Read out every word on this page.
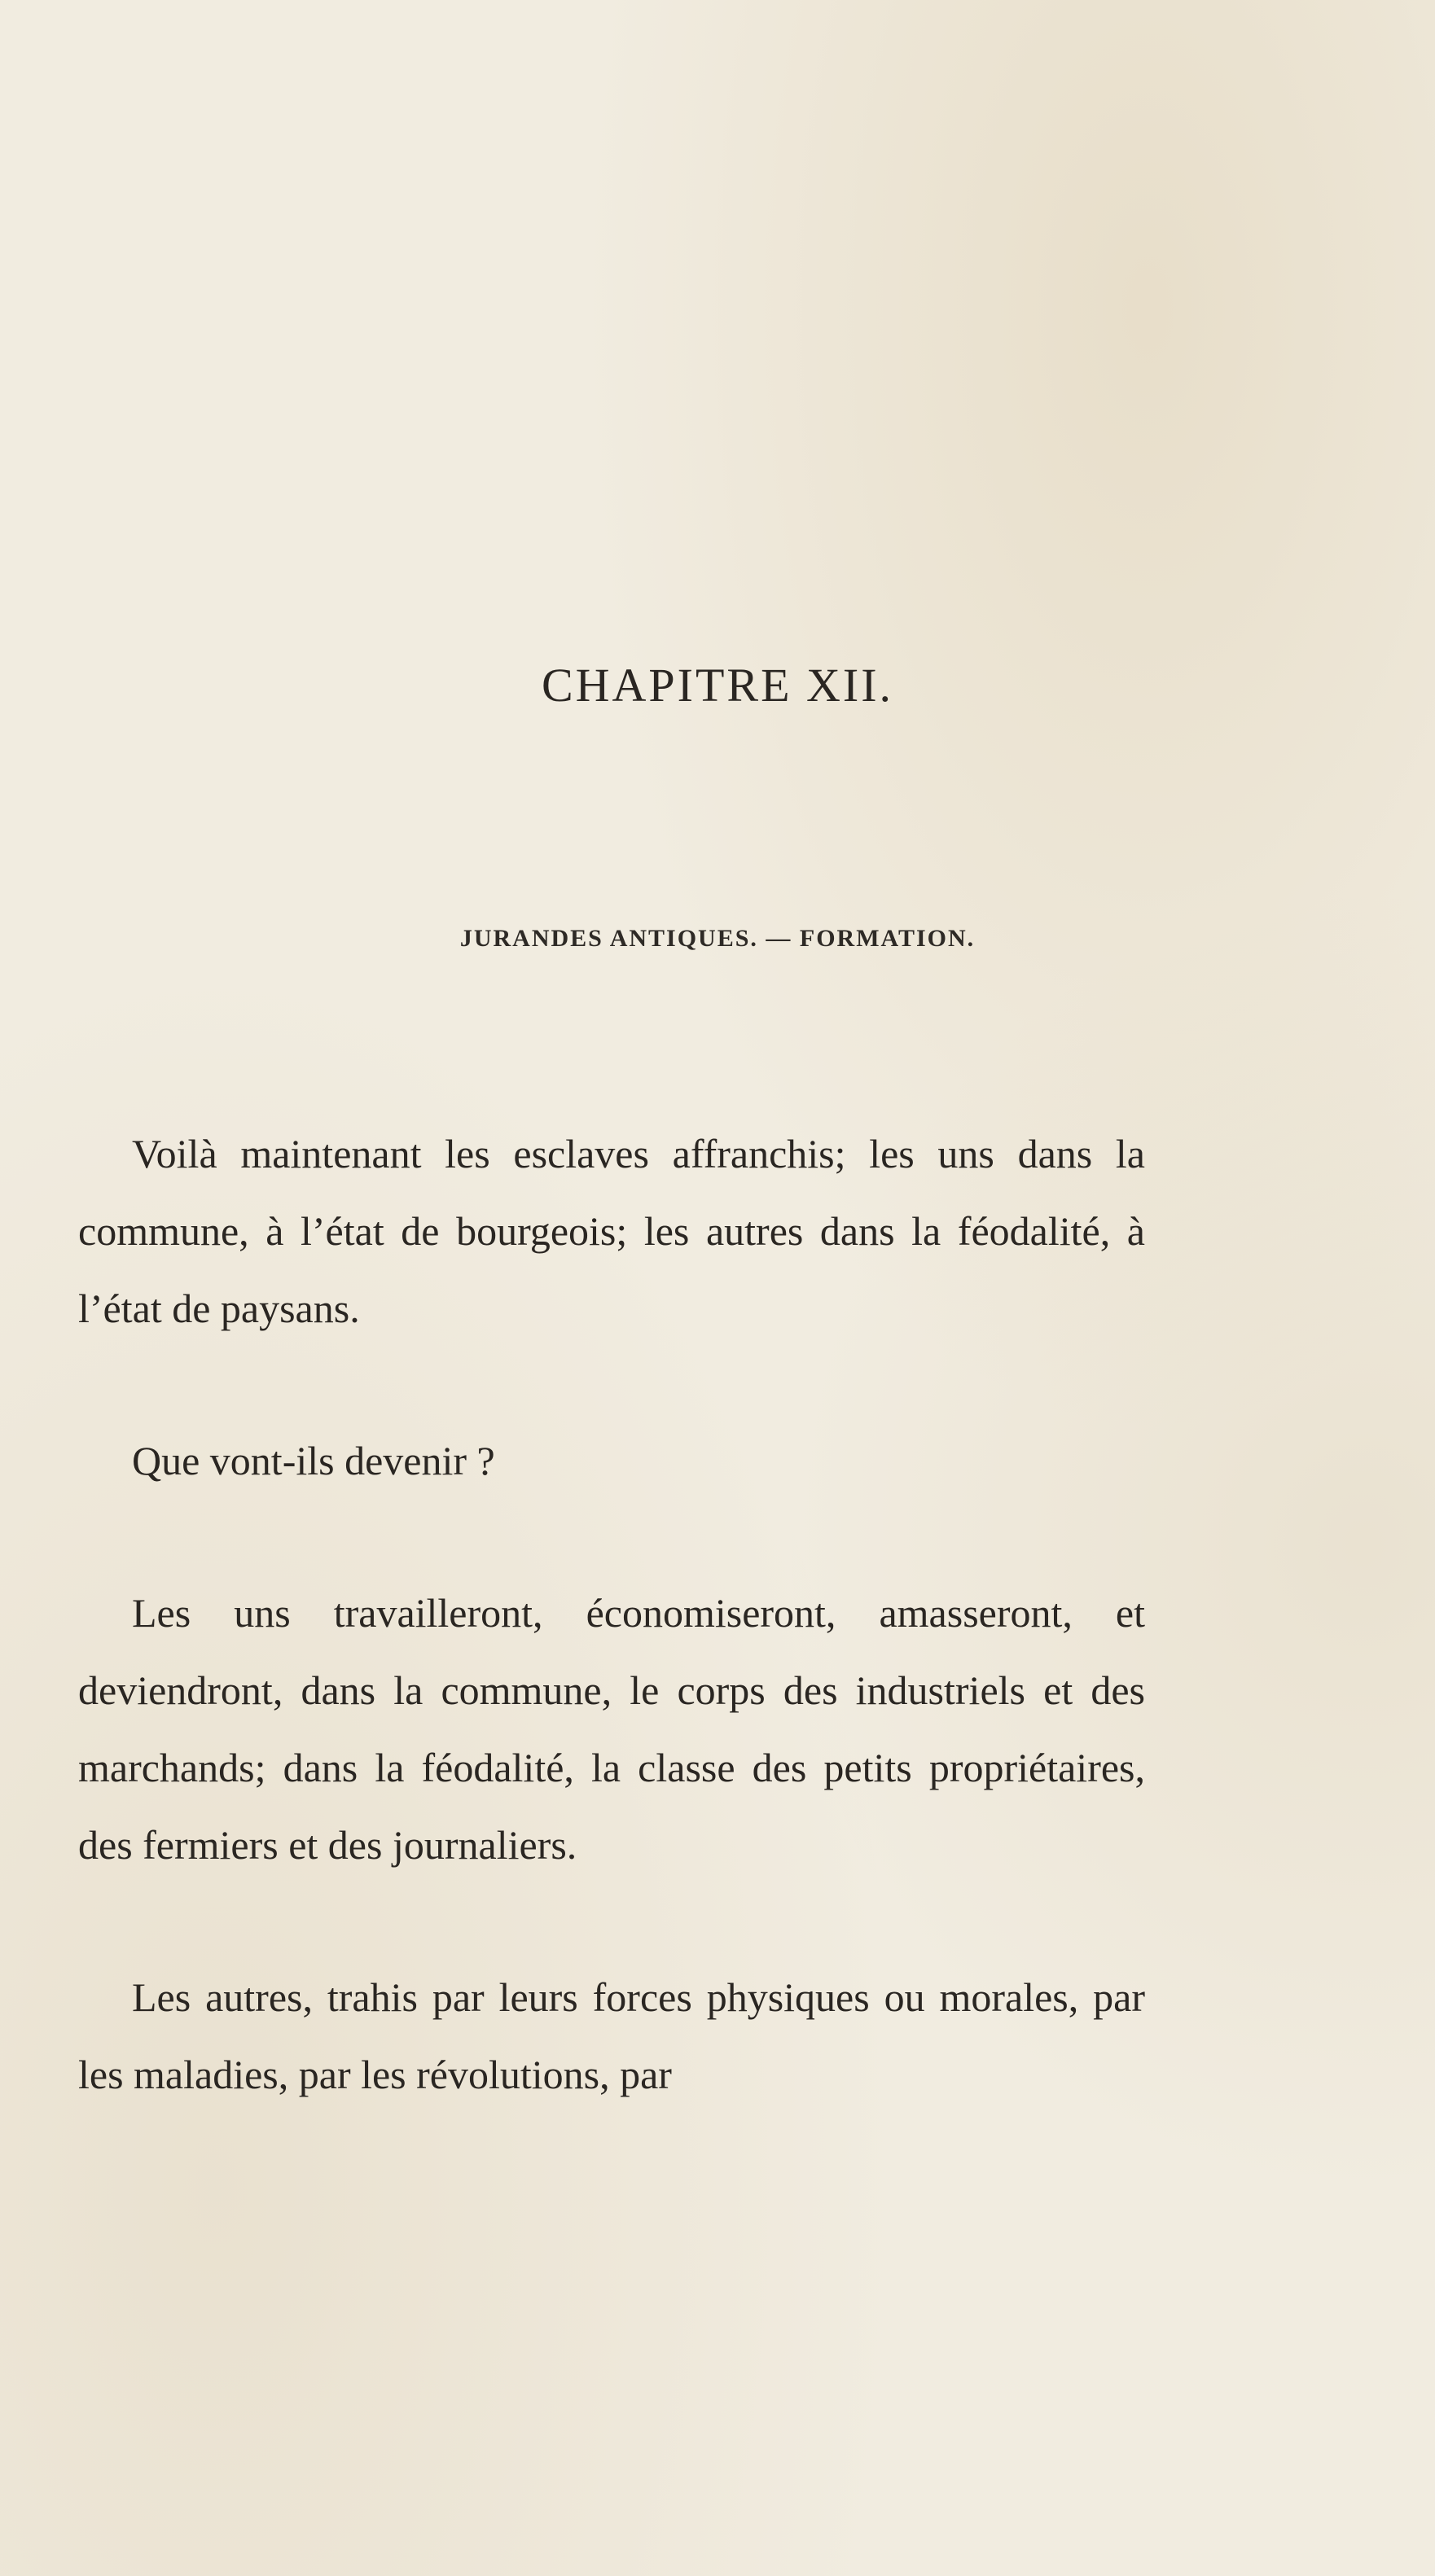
CHAPITRE XII.
JURANDES ANTIQUES. — FORMATION.

Voilà maintenant les esclaves affranchis; les uns dans la commune, à l’état de bourgeois; les autres dans la féodalité, à l’état de paysans.

Que vont-ils devenir ?

Les uns travailleront, économiseront, amasseront, et deviendront, dans la commune, le corps des industriels et des marchands; dans la féodalité, la classe des petits propriétaires, des fermiers et des journaliers.

Les autres, trahis par leurs forces physiques ou morales, par les maladies, par les révolutions, par
